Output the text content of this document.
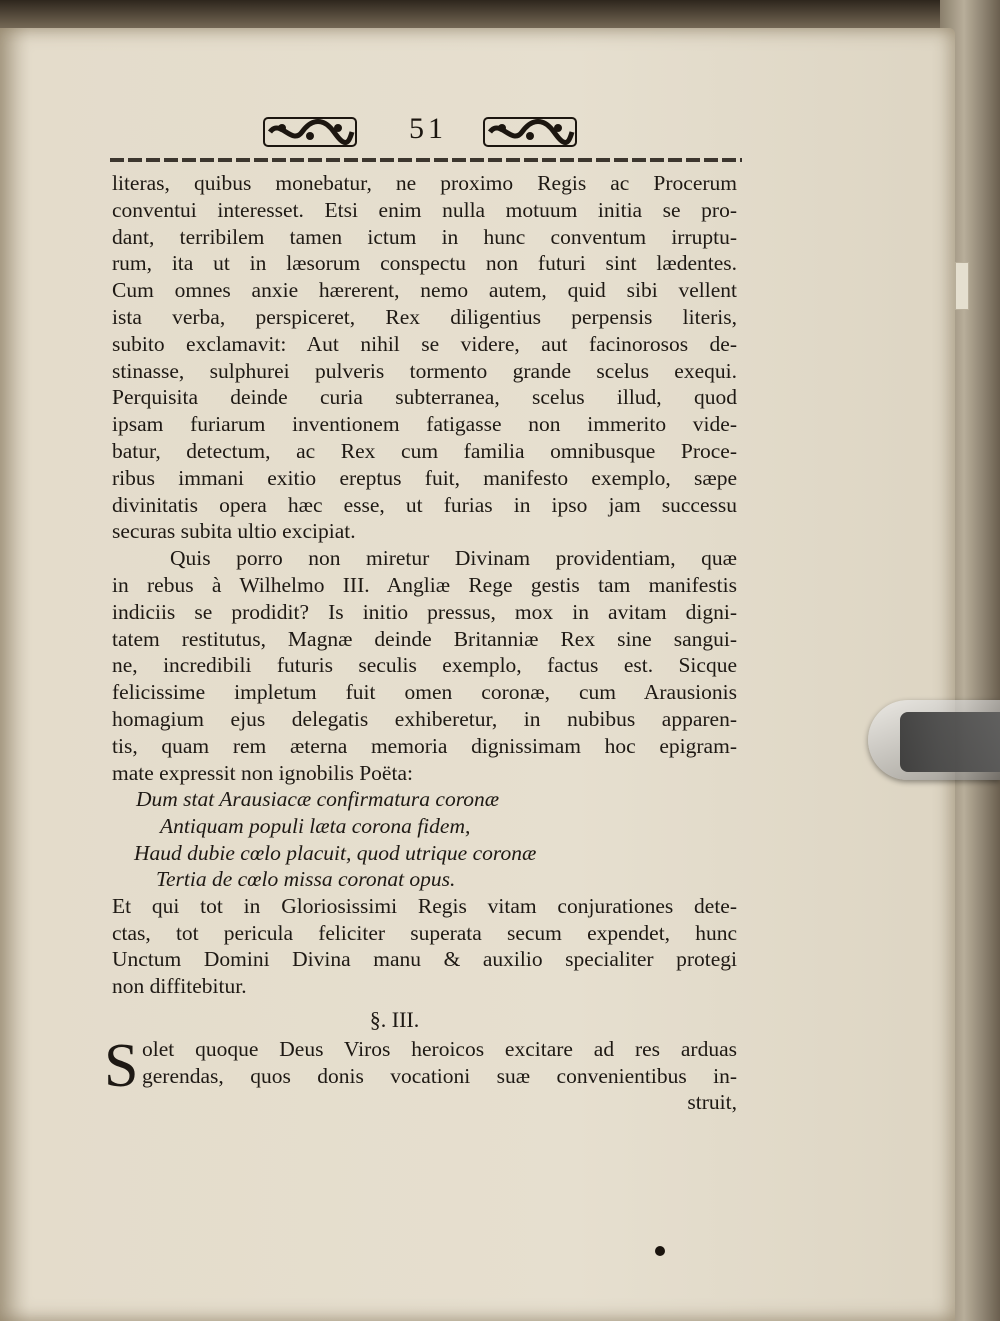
51
literas, quibus monebatur, ne proximo Regis ac Procerum
conventui interesset. Etsi enim nulla motuum initia se pro-
dant, terribilem tamen ictum in hunc conventum irruptu-
rum, ita ut in læsorum conspectu non futuri sint lædentes.
Cum omnes anxie hærerent, nemo autem, quid sibi vellent
ista verba, perspiceret, Rex diligentius perpensis literis,
subito exclamavit: Aut nihil se videre, aut facinorosos de-
stinasse, sulphurei pulveris tormento grande scelus exequi.
Perquisita deinde curia subterranea, scelus illud, quod
ipsam furiarum inventionem fatigasse non immerito vide-
batur, detectum, ac Rex cum familia omnibusque Proce-
ribus immani exitio ereptus fuit, manifesto exemplo, sæpe
divinitatis opera hæc esse, ut furias in ipso jam successu
securas subita ultio excipiat.
Quis porro non miretur Divinam providentiam, quæ
in rebus à Wilhelmo III. Angliæ Rege gestis tam manifestis
indiciis se prodidit? Is initio pressus, mox in avitam digni-
tatem restitutus, Magnæ deinde Britanniæ Rex sine sangui-
ne, incredibili futuris seculis exemplo, factus est. Sicque
felicissime impletum fuit omen coronæ, cum Arausionis
homagium ejus delegatis exhiberetur, in nubibus apparen-
tis, quam rem æterna memoria dignissimam hoc epigram-
mate expressit non ignobilis Poëta:
Dum stat Arausiacæ confirmatura coronæ
Antiquam populi læta corona fidem,
Haud dubie cœlo placuit, quod utrique coronæ
Tertia de cœlo missa coronat opus.
Et qui tot in Gloriosissimi Regis vitam conjurationes dete-
ctas, tot pericula feliciter superata secum expendet, hunc
Unctum Domini Divina manu & auxilio specialiter protegi
non diffitebitur.
§. III.
S olet quoque Deus Viros heroicos excitare ad res arduas
gerendas, quos donis vocationi suæ convenientibus in-
struit,
